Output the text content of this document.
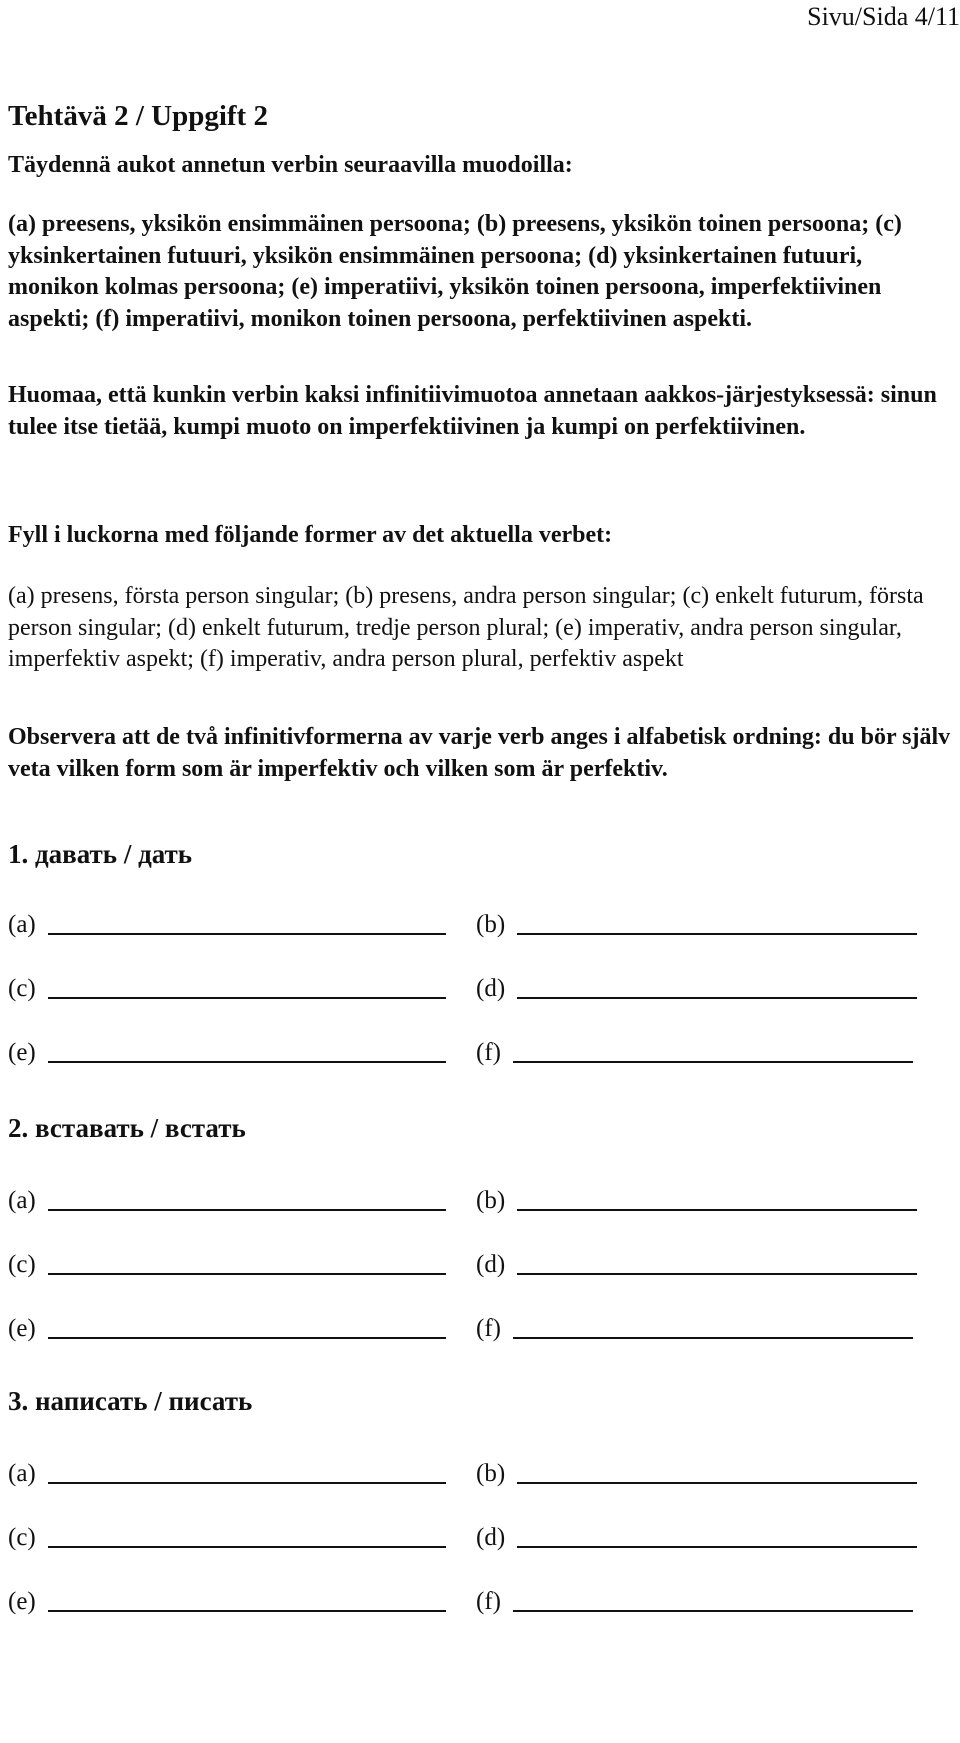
Sivu/Sida 4/11
Tehtävä 2 / Uppgift 2

Täydennä aukot annetun verbin seuraavilla muodoilla:

(a) preesens, yksikön ensimmäinen persoona; (b) preesens, yksikön toinen persoona; (c) yksinkertainen futuuri, yksikön ensimmäinen persoona; (d) yksinkertainen futuuri, monikon kolmas persoona; (e) imperatiivi, yksikön toinen persoona, imperfektiivinen aspekti; (f) imperatiivi, monikon toinen persoona, perfektiivinen aspekti.

Huomaa, että kunkin verbin kaksi infinitiivimuotoa annetaan aakkos-järjestyksessä: sinun tulee itse tietää, kumpi muoto on imperfektiivinen ja kumpi on perfektiivinen.

Fyll i luckorna med följande former av det aktuella verbet:

(a) presens, första person singular; (b) presens, andra person singular; (c) enkelt futurum, första person singular; (d) enkelt futurum, tredje person plural; (e) imperativ, andra person singular, imperfektiv aspekt; (f) imperativ, andra person plural, perfektiv aspekt

Observera att de två infinitivformerna av varje verb anges i alfabetisk ordning: du bör själv veta vilken form som är imperfektiv och vilken som är perfektiv.

1. давать / дать
(a)	(b)
(c)	(d)
(e)	(f)
2. вставать / встать
(a)	(b)
(c)	(d)
(e)	(f)
3. написать / писать
(a)	(b)
(c)	(d)
(e)	(f)
